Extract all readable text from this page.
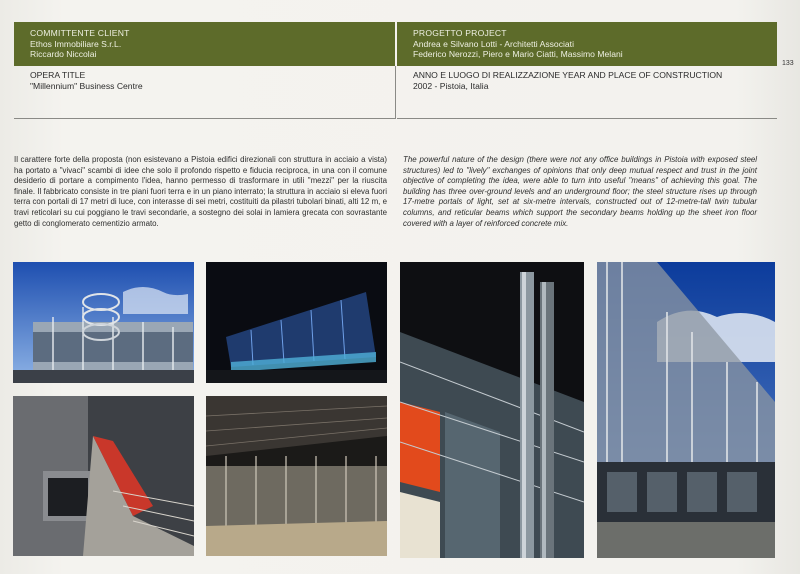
COMMITTENTE CLIENT
Ethos Immobiliare S.r.L.
Riccardo Niccolai
PROGETTO PROJECT
Andrea e Silvano Lotti - Architetti Associati
Federico Nerozzi, Piero e Mario Ciatti, Massimo Melani
133
OPERA TITLE
"Millennium" Business Centre
ANNO E LUOGO DI REALIZZAZIONE YEAR AND PLACE OF CONSTRUCTION
2002 - Pistoia, Italia
Il carattere forte della proposta (non esistevano a Pistoia edifici direzionali con struttura in acciaio a vista) ha portato a "vivaci" scambi di idee che solo il profondo rispetto e fiducia reciproca, in una con il comune desiderio di portare a compimento l'idea, hanno permesso di trasformare in utili "mezzi" per la riuscita finale. Il fabbricato consiste in tre piani fuori terra e in un piano interrato; la struttura in acciaio si eleva fuori terra con portali di 17 metri di luce, con interasse di sei metri, costituiti da pilastri tubolari binati, alti 12 m, e travi reticolari su cui poggiano le travi secondarie, a sostegno dei solai in lamiera grecata con sovrastante getto di conglomerato cementizio armato.
The powerful nature of the design (there were not any office buildings in Pistoia with exposed steel structures) led to "lively" exchanges of opinions that only deep mutual respect and trust in the joint objective of completing the idea, were able to turn into useful "means" of achieving this goal. The building has three over-ground levels and an underground floor; the steel structure rises up through 17-metre portals of light, set at six-metre intervals, constructed out of 12-metre-tall twin tubular columns, and reticular beams which support the secondary beams holding up the sheet iron floor covered with a layer of reinforced concrete mix.
